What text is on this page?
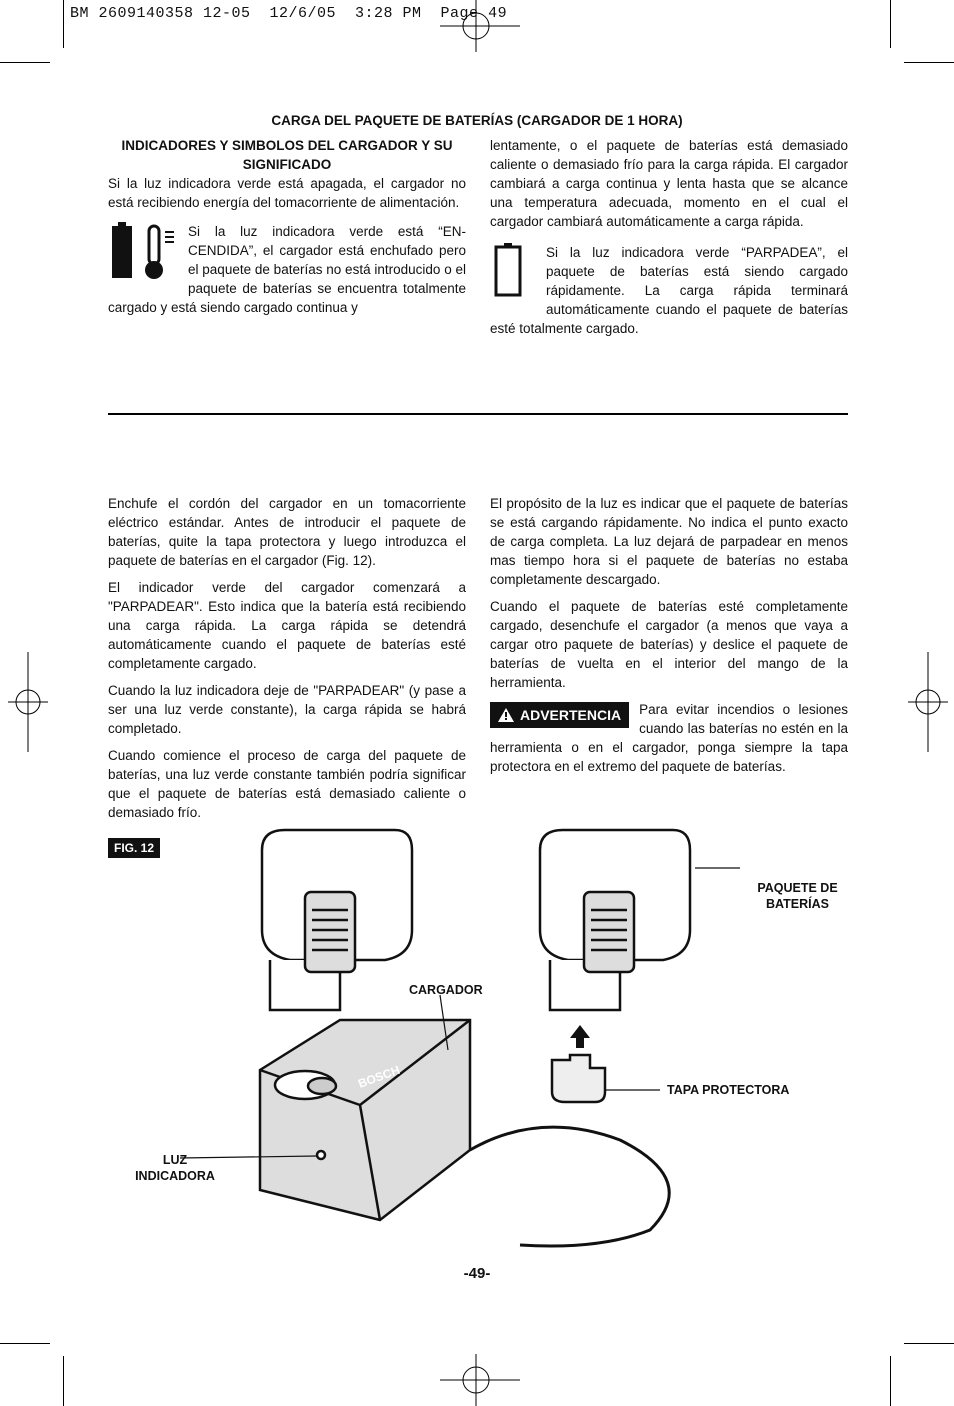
BM 2609140358 12-05  12/6/05  3:28 PM  Page 49
CARGA DEL PAQUETE DE BATERÍAS (CARGADOR DE 1 HORA)
INDICADORES Y SIMBOLOS DEL CARGADOR Y SU SIGNIFICADO

Si la luz indicadora verde está apagada, el cargador no está recibiendo energía del tomacorriente de alimentación.

Si la luz indicadora verde está “EN-CENDIDA”, el cargador está enchufado pero el paquete de baterías no está introducido o el paquete de baterías se encuentra totalmente cargado y está siendo cargado continua y

lentamente, o el paquete de baterías está demasiado caliente o demasiado frío para la carga rápida. El cargador cambiará a carga continua y lenta hasta que se alcance una temperatura adecuada, momento en el cual el cargador cambiará automáticamente a carga rápida.

Si la luz indicadora verde “PARPADEA”, el paquete de baterías está siendo cargado rápidamente. La carga rápida terminará automáticamente cuando el paquete de baterías esté totalmente cargado.

Enchufe el cordón del cargador en un tomacorriente eléctrico estándar. Antes de introducir el paquete de baterías, quite la tapa protectora y luego introduzca el paquete de baterías en el cargador (Fig. 12).

El indicador verde del cargador comenzará a "PARPADEAR". Esto indica que la batería está recibiendo una carga rápida. La carga rápida se detendrá automáticamente cuando el paquete de baterías esté completamente cargado.

Cuando la luz indicadora deje de "PARPADEAR" (y pase a ser una luz verde constante), la carga rápida se habrá completado.

Cuando comience el proceso de carga del paquete de baterías, una luz verde constante también podría significar que el paquete de baterías está demasiado caliente o demasiado frío.

El propósito de la luz es indicar que el paquete de baterías se está cargando rápidamente. No indica el punto exacto de carga completa. La luz dejará de parpadear en menos mas tiempo hora si el paquete de baterías no estaba completamente descargado.

Cuando el paquete de baterías esté completamente cargado, desenchufe el cargador (a menos que vaya a cargar otro paquete de baterías) y deslice el paquete de baterías de vuelta en el interior del mango de la herramienta.

ADVERTENCIA Para evitar incendios o lesiones cuando las baterías no estén en la herramienta o en el cargador, ponga siempre la tapa protectora en el extremo del paquete de baterías.
FIG. 12
BOSCH
PAQUETE DE BATERÍAS
CARGADOR
TAPA PROTECTORA
LUZ INDICADORA
-49-
